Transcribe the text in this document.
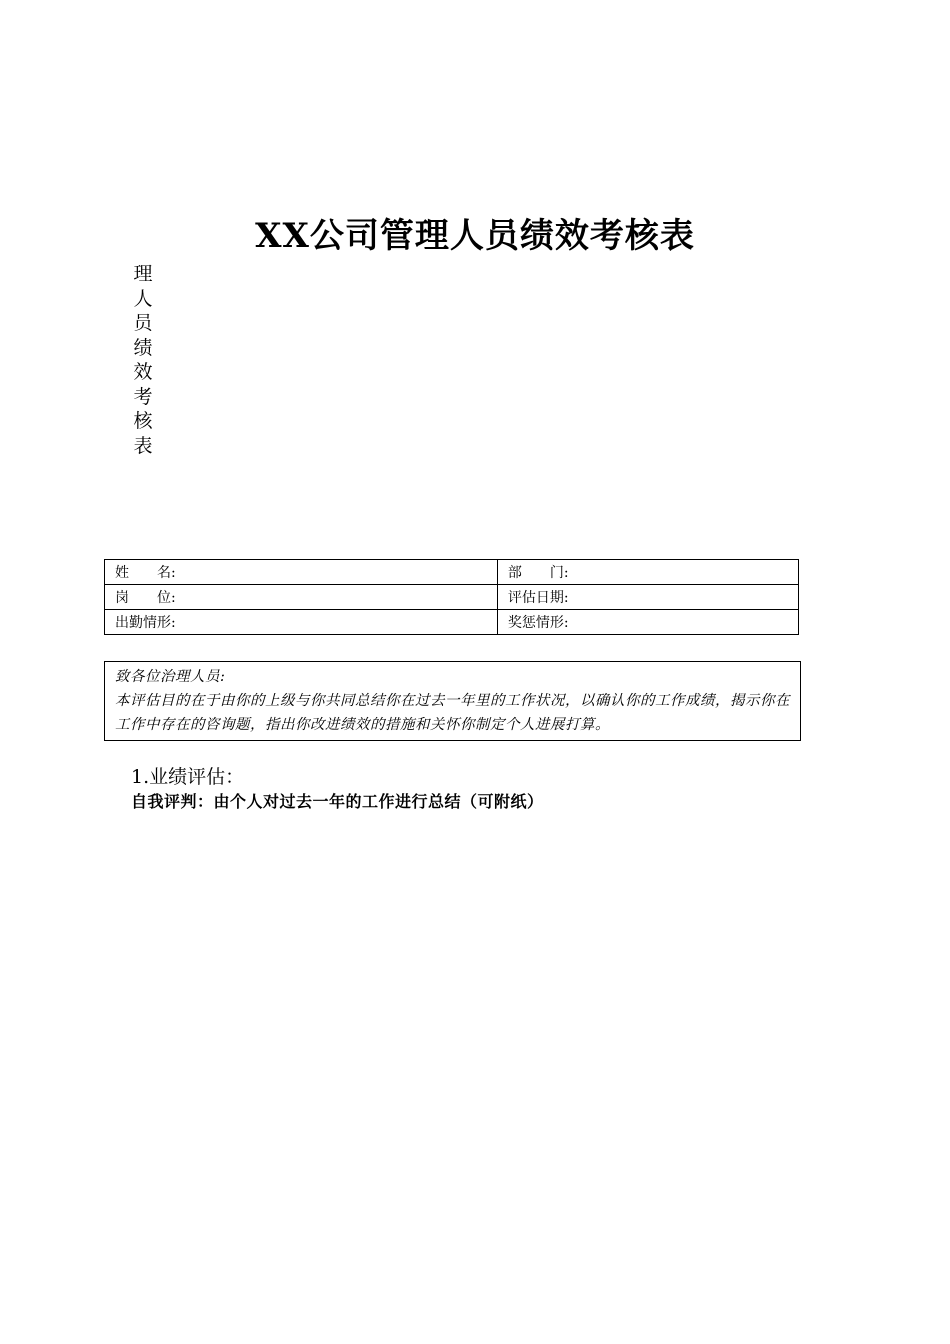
XX公司管理人员绩效考核表
理
人
员
绩
效
考
核
表
姓　　名:	部　　门:
岗　　位:	评估日期:
出勤情形:	奖惩情形:

致各位治理人员:

本评估目的在于由你的上级与你共同总结你在过去一年里的工作状况，以确认你的工作成绩，揭示你在工作中存在的咨询题，指出你改进绩效的措施和关怀你制定个人进展打算。

1.业绩评估：
自我评判：由个人对过去一年的工作进行总结（可附纸）
